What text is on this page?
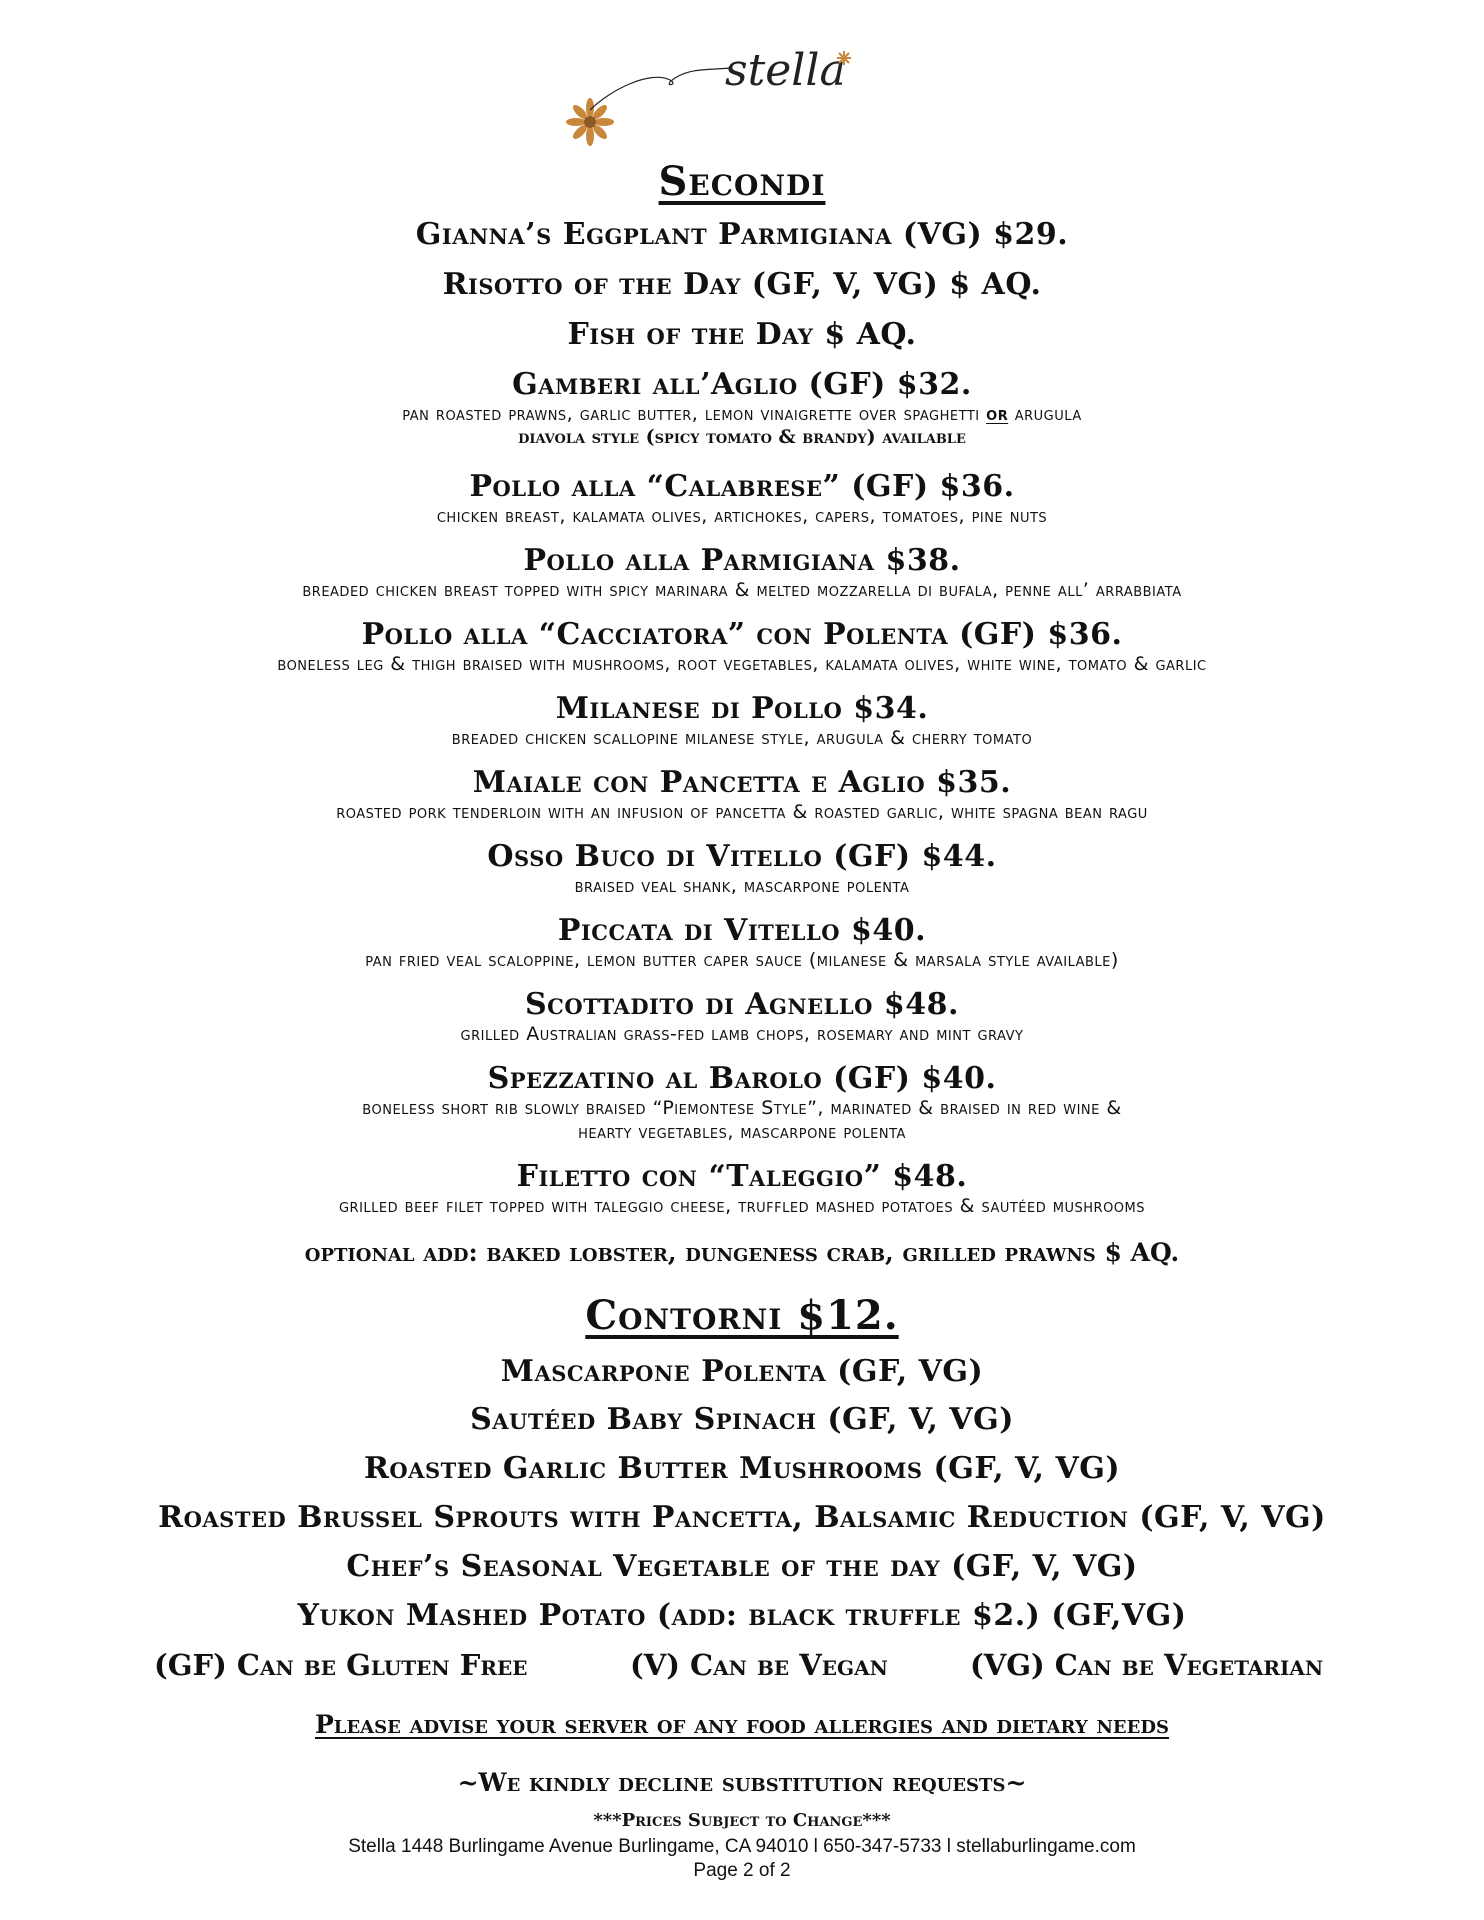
stella
Secondi
Gianna’s Eggplant Parmigiana (VG) $29.
Risotto of the Day (GF, V, VG) $ AQ.
Fish of the Day $ AQ.
Gamberi all’Aglio (GF) $32.
pan roasted prawns, garlic butter, lemon vinaigrette over spaghetti or arugula
diavola style (spicy tomato & brandy) available
Pollo alla “Calabrese” (GF) $36.
chicken breast, kalamata olives, artichokes, capers, tomatoes, pine nuts
Pollo alla Parmigiana $38.
breaded chicken breast topped with spicy marinara & melted mozzarella di bufala, penne all’ arrabbiata
Pollo alla “Cacciatora” con Polenta (GF) $36.
boneless leg & thigh braised with mushrooms, root vegetables, kalamata olives, white wine, tomato & garlic
Milanese di Pollo $34.
breaded chicken scallopine milanese style, arugula & cherry tomato
Maiale con Pancetta e Aglio $35.
roasted pork tenderloin with an infusion of pancetta & roasted garlic, white spagna bean ragu
Osso Buco di Vitello (GF) $44.
braised veal shank, mascarpone polenta
Piccata di Vitello $40.
pan fried veal scaloppine, lemon butter caper sauce (milanese & marsala style available)
Scottadito di Agnello $48.
grilled Australian grass-fed lamb chops, rosemary and mint gravy
Spezzatino al Barolo (GF) $40.
boneless short rib slowly braised “Piemontese Style”, marinated & braised in red wine &
hearty vegetables, mascarpone polenta
Filetto con “Taleggio” $48.
grilled beef filet topped with taleggio cheese, truffled mashed potatoes & sautéed mushrooms
optional add: baked lobster, dungeness crab, grilled prawns $ AQ.
Contorni $12.
Mascarpone Polenta (GF, VG)
Sautéed Baby Spinach (GF, V, VG)
Roasted Garlic Butter Mushrooms (GF, V, VG)
Roasted Brussel Sprouts with Pancetta, Balsamic Reduction (GF, V, VG)
Chef’s Seasonal Vegetable of the day (GF, V, VG)
Yukon Mashed Potato (add: black truffle $2.) (GF,VG)
(GF) Can be Gluten Free	(V) Can be Vegan	(VG) Can be Vegetarian
Please advise your server of any food allergies and dietary needs
~We kindly decline substitution requests~
***Prices Subject to Change***
Stella 1448 Burlingame Avenue Burlingame, CA 94010 l 650-347-5733 l stellaburlingame.com
Page 2 of 2
